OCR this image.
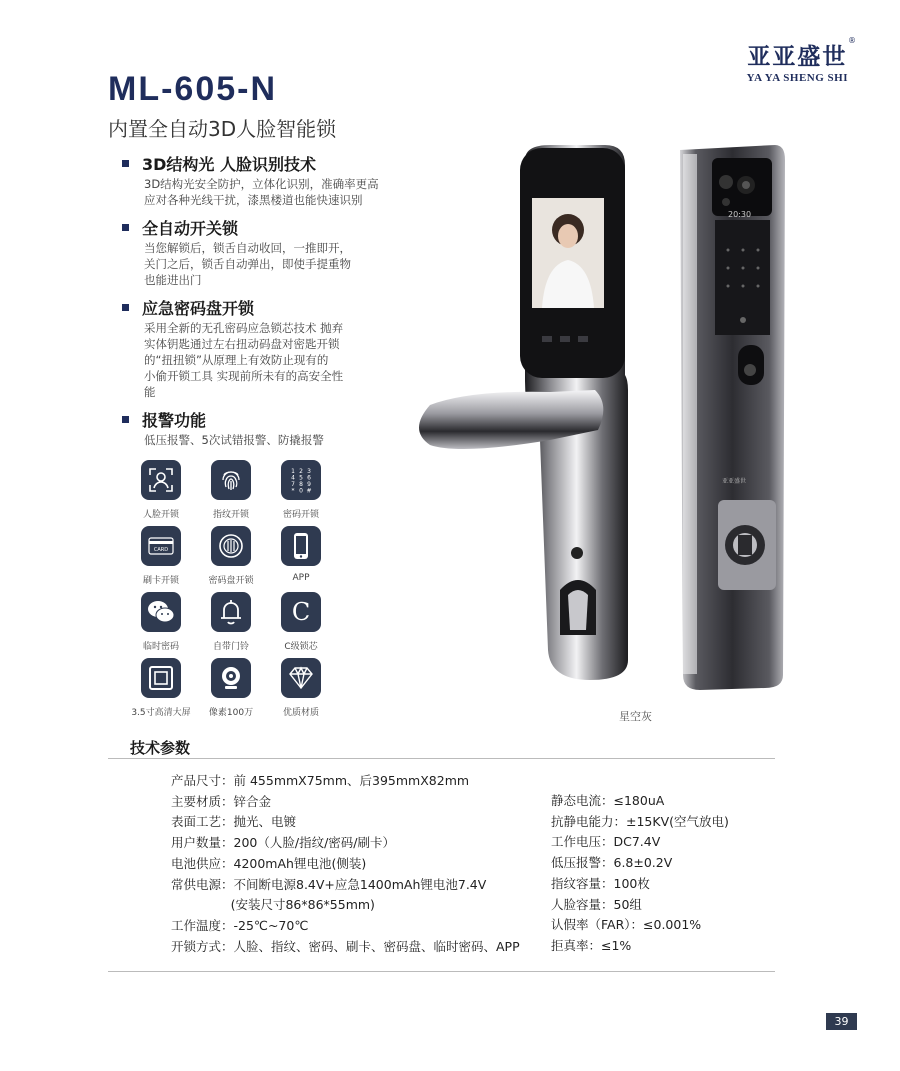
亚亚盛世
®
YA YA SHENG SHI
ML-605-N
内置全自动3D人脸智能锁
3D结构光 人脸识别技术
3D结构光安全防护，立体化识别，准确率更高
应对各种光线干扰，漆黑楼道也能快速识别
全自动开关锁
当您解锁后，锁舌自动收回，一推即开，
关门之后，锁舌自动弹出，即使手提重物
也能进出门
应急密码盘开锁
采用全新的无孔密码应急锁芯技术 抛弃
实体钥匙通过左右扭动码盘对密匙开锁
的“扭扭锁”从原理上有效防止现有的
小偷开锁工具 实现前所未有的高安全性
能
报警功能
低压报警、5次试错报警、防撬报警
人脸开锁	指纹开锁
1 2 3
4 5 6
7 8 9
* 0 #
密码开锁
CARD
刷卡开锁	密码盘开锁	APP
临时密码	自带门铃
C
C级锁芯
3.5寸高清大屏	像素100万	优质材质
20:30
亚亚盛世
星空灰
技术参数
产品尺寸：前 455mmX75mm、后395mmX82mm
主要材质：锌合金
表面工艺：抛光、电镀
用户数量：200（人脸/指纹/密码/刷卡）
电池供应：4200mAh锂电池(侧装)
常供电源：不间断电源8.4V+应急1400mAh锂电池7.4V
(安装尺寸86*86*55mm)
工作温度：-25℃~70℃
开锁方式：人脸、指纹、密码、刷卡、密码盘、临时密码、APP
静态电流：≤180uA
抗静电能力：±15KV(空气放电)
工作电压：DC7.4V
低压报警：6.8±0.2V
指纹容量：100枚
人脸容量：50组
认假率（FAR）：≤0.001%
拒真率：≤1%
39
